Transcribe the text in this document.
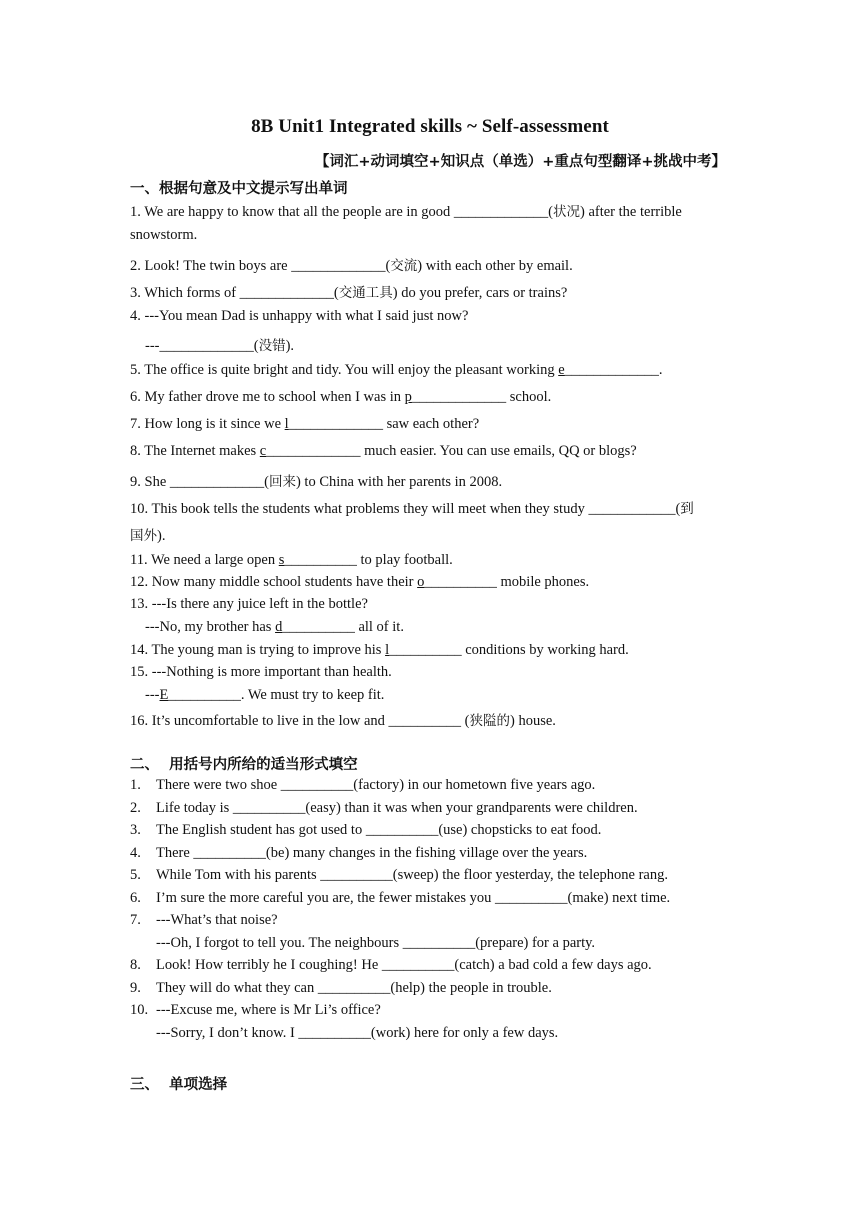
8B Unit1 Integrated skills ~ Self-assessment
【词汇+动词填空+知识点（单选）+重点句型翻译+挑战中考】
一、根据句意及中文提示写出单词
1. We are happy to know that all the people are in good _____________(状况) after the terrible
snowstorm.
2. Look! The twin boys are _____________(交流) with each other by email.
3. Which forms of _____________(交通工具) do you prefer, cars or trains?
4. ---You mean Dad is unhappy with what I said just now?
---_____________(没错).
5. The office is quite bright and tidy. You will enjoy the pleasant working e_____________.
6. My father drove me to school when I was in p_____________ school.
7. How long is it since we l_____________ saw each other?
8. The Internet makes c_____________ much easier. You can use emails, QQ or blogs?
9. She _____________(回来) to China with her parents in 2008.
10. This book tells the students what problems they will meet when they study ____________(到
国外).
11. We need a large open s__________ to play football.
12. Now many middle school students have their o__________ mobile phones.
13. ---Is there any juice left in the bottle?
---No, my brother has d__________ all of it.
14. The young man is trying to improve his l__________ conditions by working hard.
15. ---Nothing is more important than health.
---E__________. We must try to keep fit.
16. It’s uncomfortable to live in the low and __________ (狭隘的) house.
二、  用括号内所给的适当形式填空
1. There were two shoe __________(factory) in our hometown five years ago.
2. Life today is __________(easy) than it was when your grandparents were children.
3. The English student has got used to __________(use) chopsticks to eat food.
4. There __________(be) many changes in the fishing village over the years.
5. While Tom with his parents __________(sweep) the floor yesterday, the telephone rang.
6. I’m sure the more careful you are, the fewer mistakes you __________(make) next time.
7. ---What’s that noise?
---Oh, I forgot to tell you. The neighbours __________(prepare) for a party.
8. Look! How terribly he I coughing! He __________(catch) a bad cold a few days ago.
9. They will do what they can __________(help) the people in trouble.
10. ---Excuse me, where is Mr Li’s office?
---Sorry, I don’t know. I __________(work) here for only a few days.
三、  单项选择
